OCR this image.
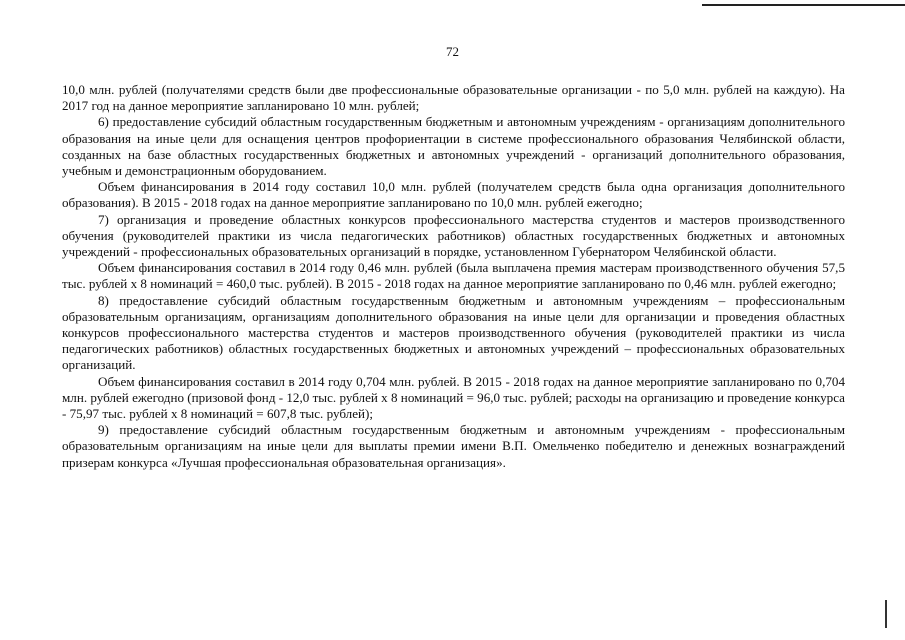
72

10,0 млн. рублей (получателями средств были две профессиональные образовательные организации - по 5,0 млн. рублей на каждую). На 2017 год на данное мероприятие запланировано 10 млн. рублей;

6) предоставление субсидий областным государственным бюджетным и автономным учреждениям - организациям дополнительного образования на иные цели для оснащения центров профориентации в системе профессионального образования Челябинской области, созданных на базе областных государственных бюджетных и автономных учреждений - организаций дополнительного образования, учебным и демонстрационным оборудованием.

Объем финансирования в 2014 году составил 10,0 млн. рублей (получателем средств была одна организация дополнительного образования). В 2015 - 2018 годах на данное мероприятие запланировано по 10,0 млн. рублей ежегодно;

7) организация и проведение областных конкурсов профессионального мастерства студентов и мастеров производственного обучения (руководителей практики из числа педагогических работников) областных государственных бюджетных и автономных учреждений - профессиональных образовательных организаций в порядке, установленном Губернатором Челябинской области.

Объем финансирования составил в 2014 году 0,46 млн. рублей (была выплачена премия мастерам производственного обучения 57,5 тыс. рублей х 8 номинаций = 460,0 тыс. рублей). В 2015 - 2018 годах на данное мероприятие запланировано по 0,46 млн. рублей ежегодно;

8) предоставление субсидий областным государственным бюджетным и автономным учреждениям – профессиональным образовательным организациям, организациям дополнительного образования на иные цели для организации и проведения областных конкурсов профессионального мастерства студентов и мастеров производственного обучения (руководителей практики из числа педагогических работников) областных государственных бюджетных и автономных учреждений – профессиональных образовательных организаций.

Объем финансирования составил в 2014 году 0,704 млн. рублей. В 2015 - 2018 годах на данное мероприятие запланировано по 0,704 млн. рублей ежегодно (призовой фонд - 12,0 тыс. рублей х 8 номинаций = 96,0 тыс. рублей; расходы на организацию и проведение конкурса - 75,97 тыс. рублей х 8 номинаций = 607,8 тыс. рублей);

9) предоставление субсидий областным государственным бюджетным и автономным учреждениям - профессиональным образовательным организациям на иные цели для выплаты премии имени В.П. Омельченко победителю и денежных вознаграждений призерам конкурса «Лучшая профессиональная образовательная организация».
